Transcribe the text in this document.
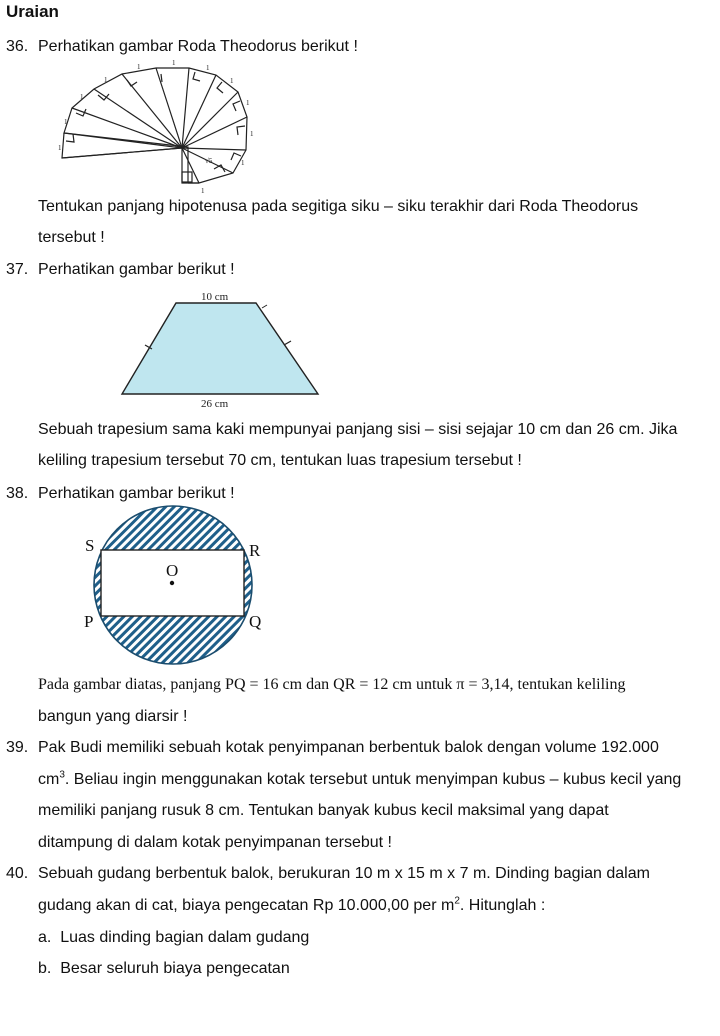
Uraian
36. Perhatikan gambar Roda Theodorus berikut !
1
1
1
1
1	1
1
1
1
1
1
1
√5
Tentukan panjang hipotenusa pada segitiga siku – siku terakhir dari Roda Theodorus
tersebut !
37. Perhatikan gambar berikut !
10 cm
26 cm
Sebuah trapesium sama kaki mempunyai panjang sisi – sisi sejajar 10 cm dan 26 cm. Jika
keliling trapesium tersebut 70 cm, tentukan luas trapesium tersebut !
38. Perhatikan gambar berikut !
S	R
O
P	Q
Pada gambar diatas, panjang PQ = 16 cm dan QR = 12 cm untuk π = 3,14, tentukan keliling
bangun yang diarsir !
39. Pak Budi memiliki sebuah kotak penyimpanan berbentuk balok dengan volume 192.000
$cm^3$. Beliau ingin menggunakan kotak tersebut untuk menyimpan kubus – kubus kecil yang
memiliki panjang rusuk 8 cm. Tentukan banyak kubus kecil maksimal yang dapat
ditampung di dalam kotak penyimpanan tersebut !
40. Sebuah gudang berbentuk balok, berukuran 10 m x 15 m x 7 m. Dinding bagian dalam
gudang akan di cat, biaya pengecatan Rp 10.000,00 per $m^2$. Hitunglah :
a. Luas dinding bagian dalam gudang
b. Besar seluruh biaya pengecatan
